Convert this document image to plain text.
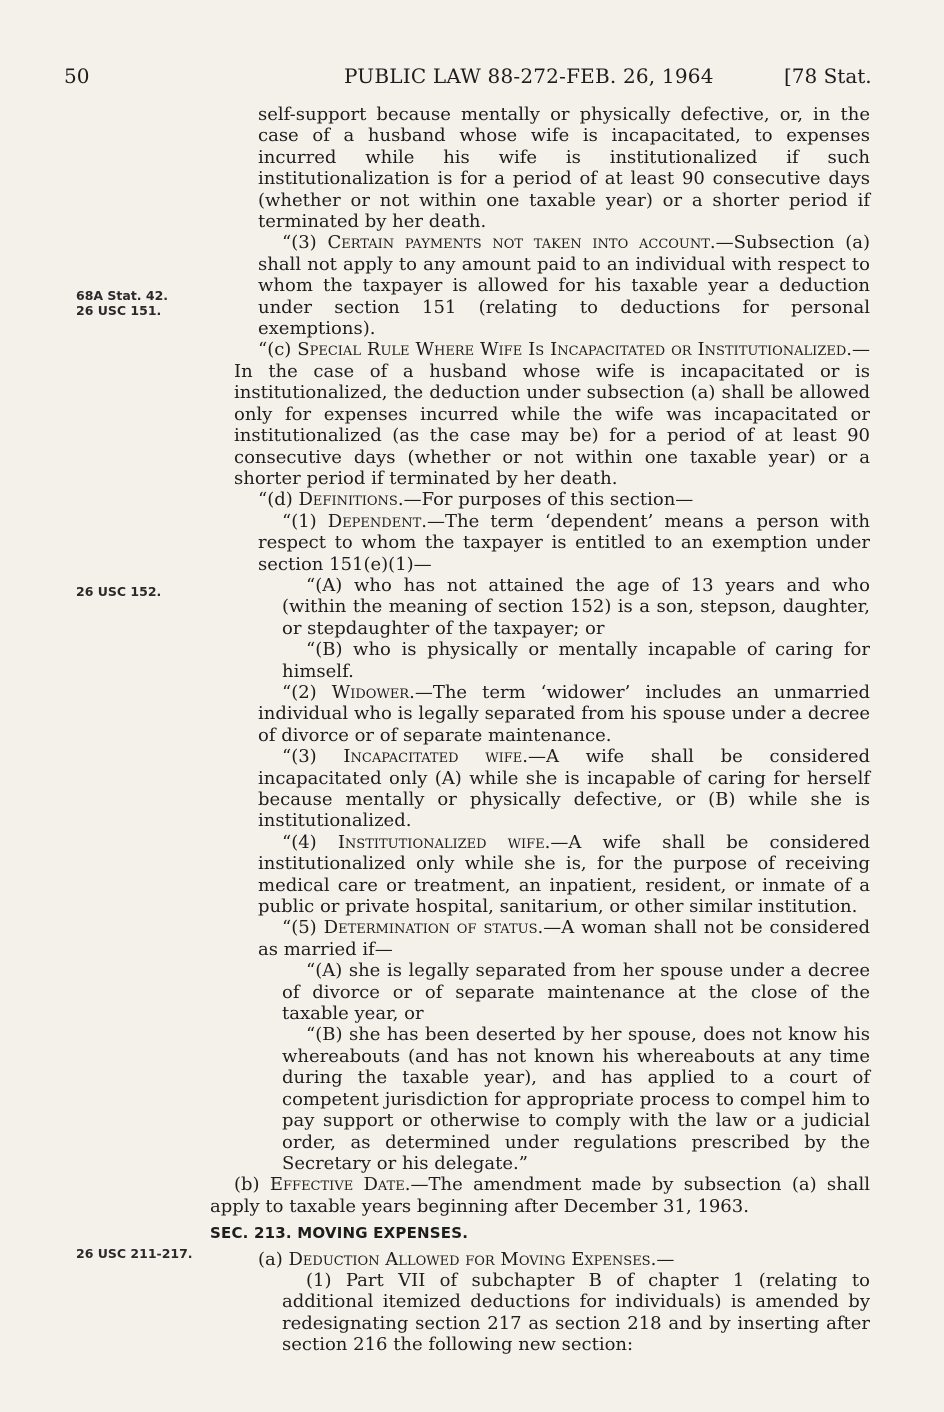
50	PUBLIC LAW 88-272-FEB. 26, 1964	[78 Stat.
68A Stat. 42.
26 USC 151.
26 USC 152.
26 USC 211-217.

self-support because mentally or physically defective, or, in the case of a husband whose wife is incapacitated, to expenses incurred while his wife is institutionalized if such institutionalization is for a period of at least 90 consecutive days (whether or not within one taxable year) or a shorter period if terminated by her death.

“(3) Certain payments not taken into account.—Subsection (a) shall not apply to any amount paid to an individual with respect to whom the taxpayer is allowed for his taxable year a deduction under section 151 (relating to deductions for personal exemptions).

“(c) Special Rule Where Wife Is Incapacitated or Institutionalized.—In the case of a husband whose wife is incapacitated or is institutionalized, the deduction under subsection (a) shall be allowed only for expenses incurred while the wife was incapacitated or institutionalized (as the case may be) for a period of at least 90 consecutive days (whether or not within one taxable year) or a shorter period if terminated by her death.

“(d) Definitions.—For purposes of this section—

“(1) Dependent.—The term ‘dependent’ means a person with respect to whom the taxpayer is entitled to an exemption under section 151(e)(1)—

“(A) who has not attained the age of 13 years and who (within the meaning of section 152) is a son, stepson, daughter, or stepdaughter of the taxpayer; or

“(B) who is physically or mentally incapable of caring for himself.

“(2) Widower.—The term ‘widower’ includes an unmarried individual who is legally separated from his spouse under a decree of divorce or of separate maintenance.

“(3) Incapacitated wife.—A wife shall be considered incapacitated only (A) while she is incapable of caring for herself because mentally or physically defective, or (B) while she is institutionalized.

“(4) Institutionalized wife.—A wife shall be considered institutionalized only while she is, for the purpose of receiving medical care or treatment, an inpatient, resident, or inmate of a public or private hospital, sanitarium, or other similar institution.

“(5) Determination of status.—A woman shall not be considered as married if—

“(A) she is legally separated from her spouse under a decree of divorce or of separate maintenance at the close of the taxable year, or

“(B) she has been deserted by her spouse, does not know his whereabouts (and has not known his whereabouts at any time during the taxable year), and has applied to a court of competent jurisdiction for appropriate process to compel him to pay support or otherwise to comply with the law or a judicial order, as determined under regulations prescribed by the Secretary or his delegate.”

(b) Effective Date.—The amendment made by subsection (a) shall apply to taxable years beginning after December 31, 1963.

SEC. 213. MOVING EXPENSES.

(a) Deduction Allowed for Moving Expenses.—

(1) Part VII of subchapter B of chapter 1 (relating to additional itemized deductions for individuals) is amended by redesignating section 217 as section 218 and by inserting after section 216 the following new section:
